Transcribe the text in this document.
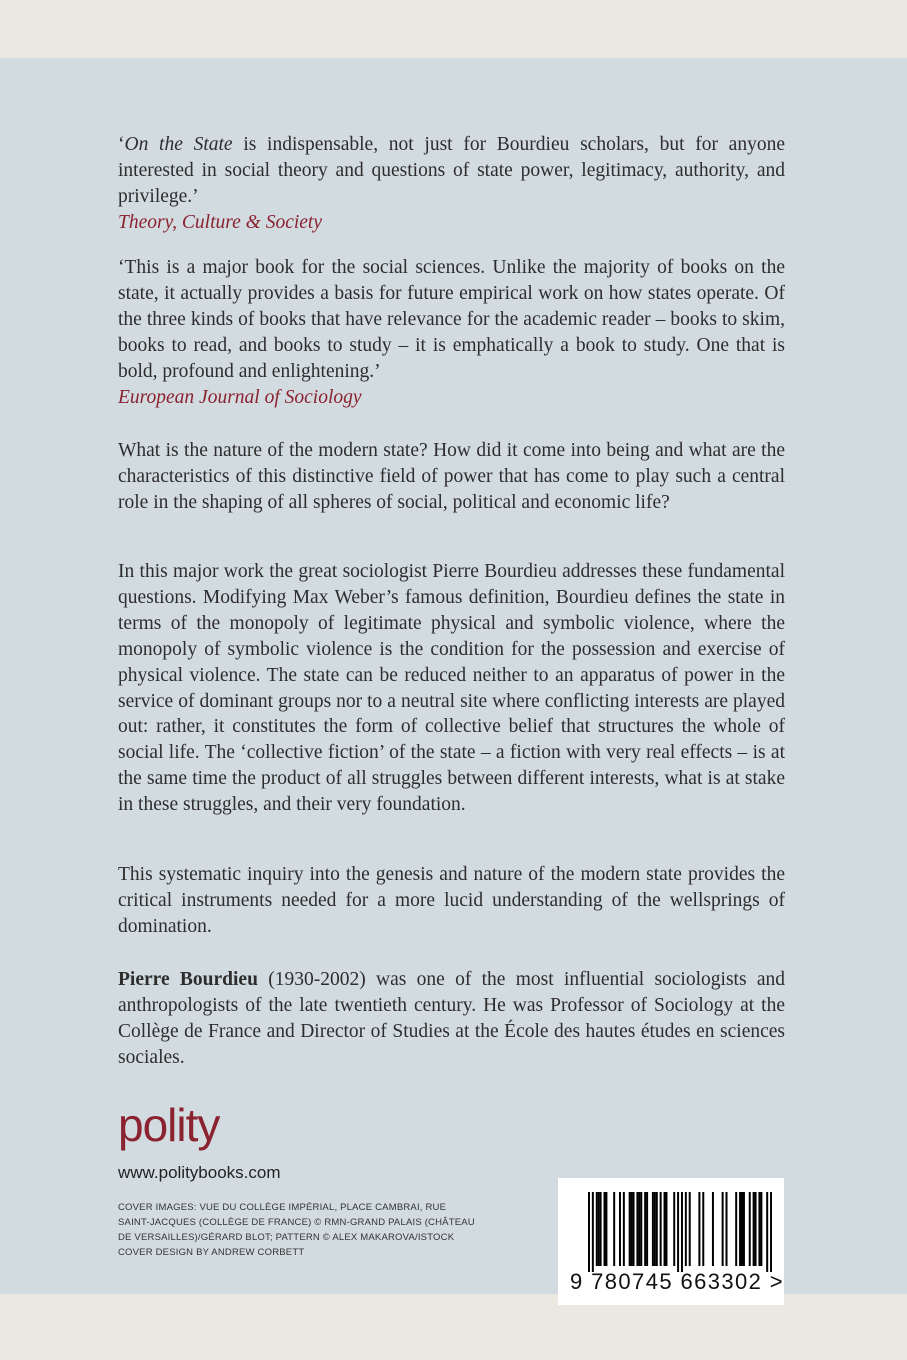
‘On the State is indispensable, not just for Bourdieu scholars, but for anyone interested in social theory and questions of state power, legitimacy, authority, and privilege.’

Theory, Culture & Society

‘This is a major book for the social sciences. Unlike the majority of books on the state, it actually provides a basis for future empirical work on how states operate. Of the three kinds of books that have relevance for the academic reader – books to skim, books to read, and books to study – it is emphatically a book to study. One that is bold, profound and enlightening.’

European Journal of Sociology

What is the nature of the modern state? How did it come into being and what are the characteristics of this distinctive field of power that has come to play such a central role in the shaping of all spheres of social, political and economic life?

In this major work the great sociologist Pierre Bourdieu addresses these fundamental questions. Modifying Max Weber’s famous definition, Bourdieu defines the state in terms of the monopoly of legitimate physical and symbolic violence, where the monopoly of symbolic violence is the condition for the possession and exercise of physical violence. The state can be reduced neither to an apparatus of power in the service of dominant groups nor to a neutral site where conflicting interests are played out: rather, it constitutes the form of collective belief that structures the whole of social life. The ‘collective fiction’ of the state – a fiction with very real effects – is at the same time the product of all struggles between different interests, what is at stake in these struggles, and their very foundation.

This systematic inquiry into the genesis and nature of the modern state provides the critical instruments needed for a more lucid understanding of the wellsprings of domination.

Pierre Bourdieu (1930-2002) was one of the most influential sociologists and anthropologists of the late twentieth century. He was Professor of Sociology at the Collège de France and Director of Studies at the École des hautes études en sciences sociales.

polity
www.politybooks.com
COVER IMAGES: VUE DU COLLÈGE IMPÉRIAL, PLACE CAMBRAI, RUE
SAINT-JACQUES (COLLÈGE DE FRANCE) © RMN-GRAND PALAIS (CHÂTEAU
DE VERSAILLES)/GÉRARD BLOT; PATTERN © ALEX MAKAROVA/ISTOCK
COVER DESIGN BY ANDREW CORBETT
9 780745 663302 >
